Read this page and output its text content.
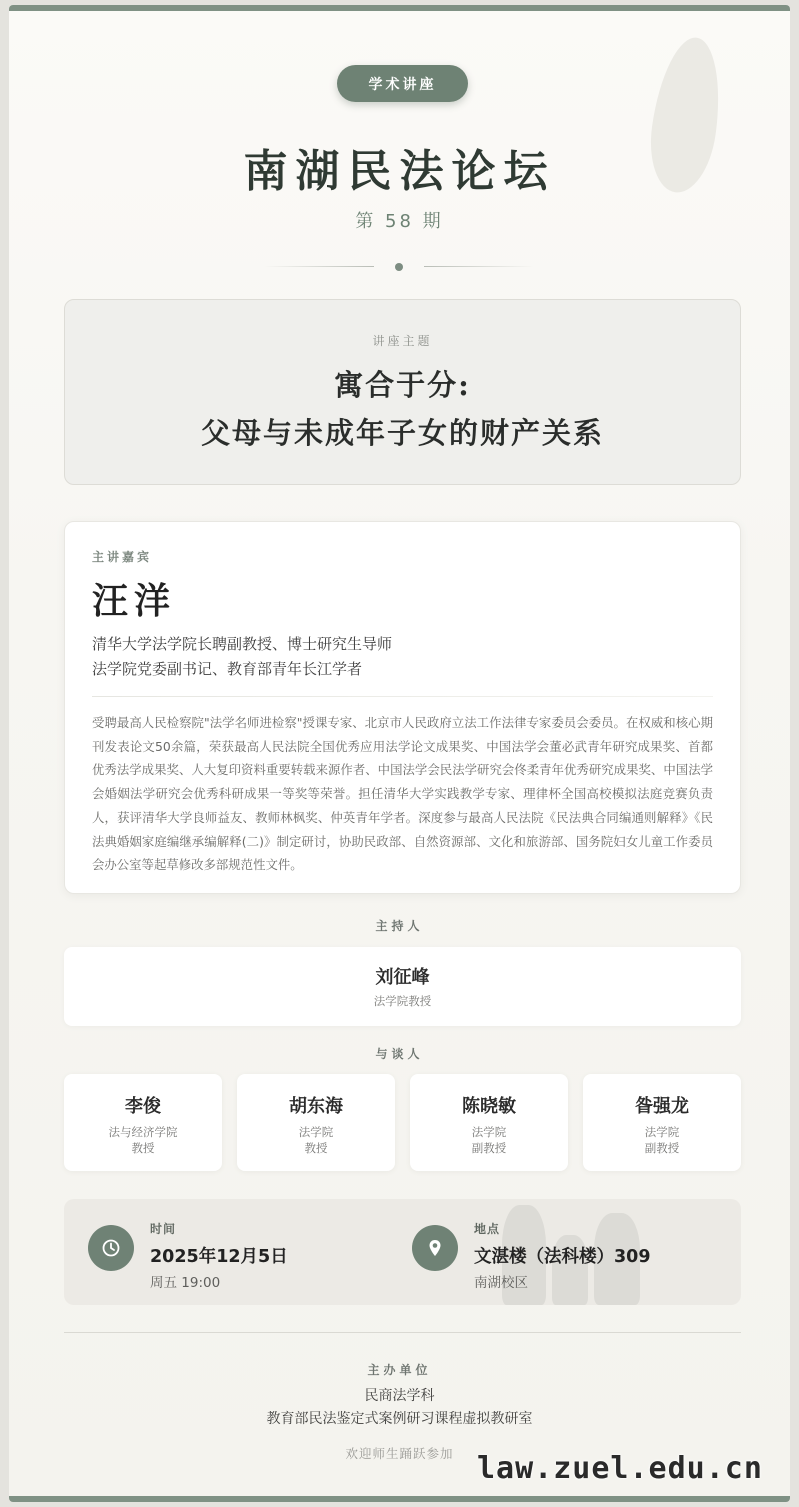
学术讲座
南湖民法论坛
第 58 期
讲座主题
寓合于分:
父母与未成年子女的财产关系
主讲嘉宾
汪洋
清华大学法学院长聘副教授、博士研究生导师
法学院党委副书记、教育部青年长江学者
受聘最高人民检察院"法学名师进检察"授课专家、北京市人民政府立法工作法律专家委员会委员。在权威和核心期刊发表论文50余篇，荣获最高人民法院全国优秀应用法学论文成果奖、中国法学会董必武青年研究成果奖、首都优秀法学成果奖、人大复印资料重要转载来源作者、中国法学会民法学研究会佟柔青年优秀研究成果奖、中国法学会婚姻法学研究会优秀科研成果一等奖等荣誉。担任清华大学实践教学专家、理律杯全国高校模拟法庭竞赛负责人，获评清华大学良师益友、教师林枫奖、仲英青年学者。深度参与最高人民法院《民法典合同编通则解释》《民法典婚姻家庭编继承编解释(二)》制定研讨，协助民政部、自然资源部、文化和旅游部、国务院妇女儿童工作委员会办公室等起草修改多部规范性文件。
主持人
刘征峰
法学院教授
与谈人
李俊
法与经济学院
教授
胡东海
法学院
教授
陈晓敏
法学院
副教授
昝强龙
法学院
副教授
时间
2025年12月5日
周五 19:00
地点
文湛楼（法科楼）309
南湖校区
主办单位
民商法学科
教育部民法鉴定式案例研习课程虚拟教研室
欢迎师生踊跃参加 law.zuel.edu.cn
